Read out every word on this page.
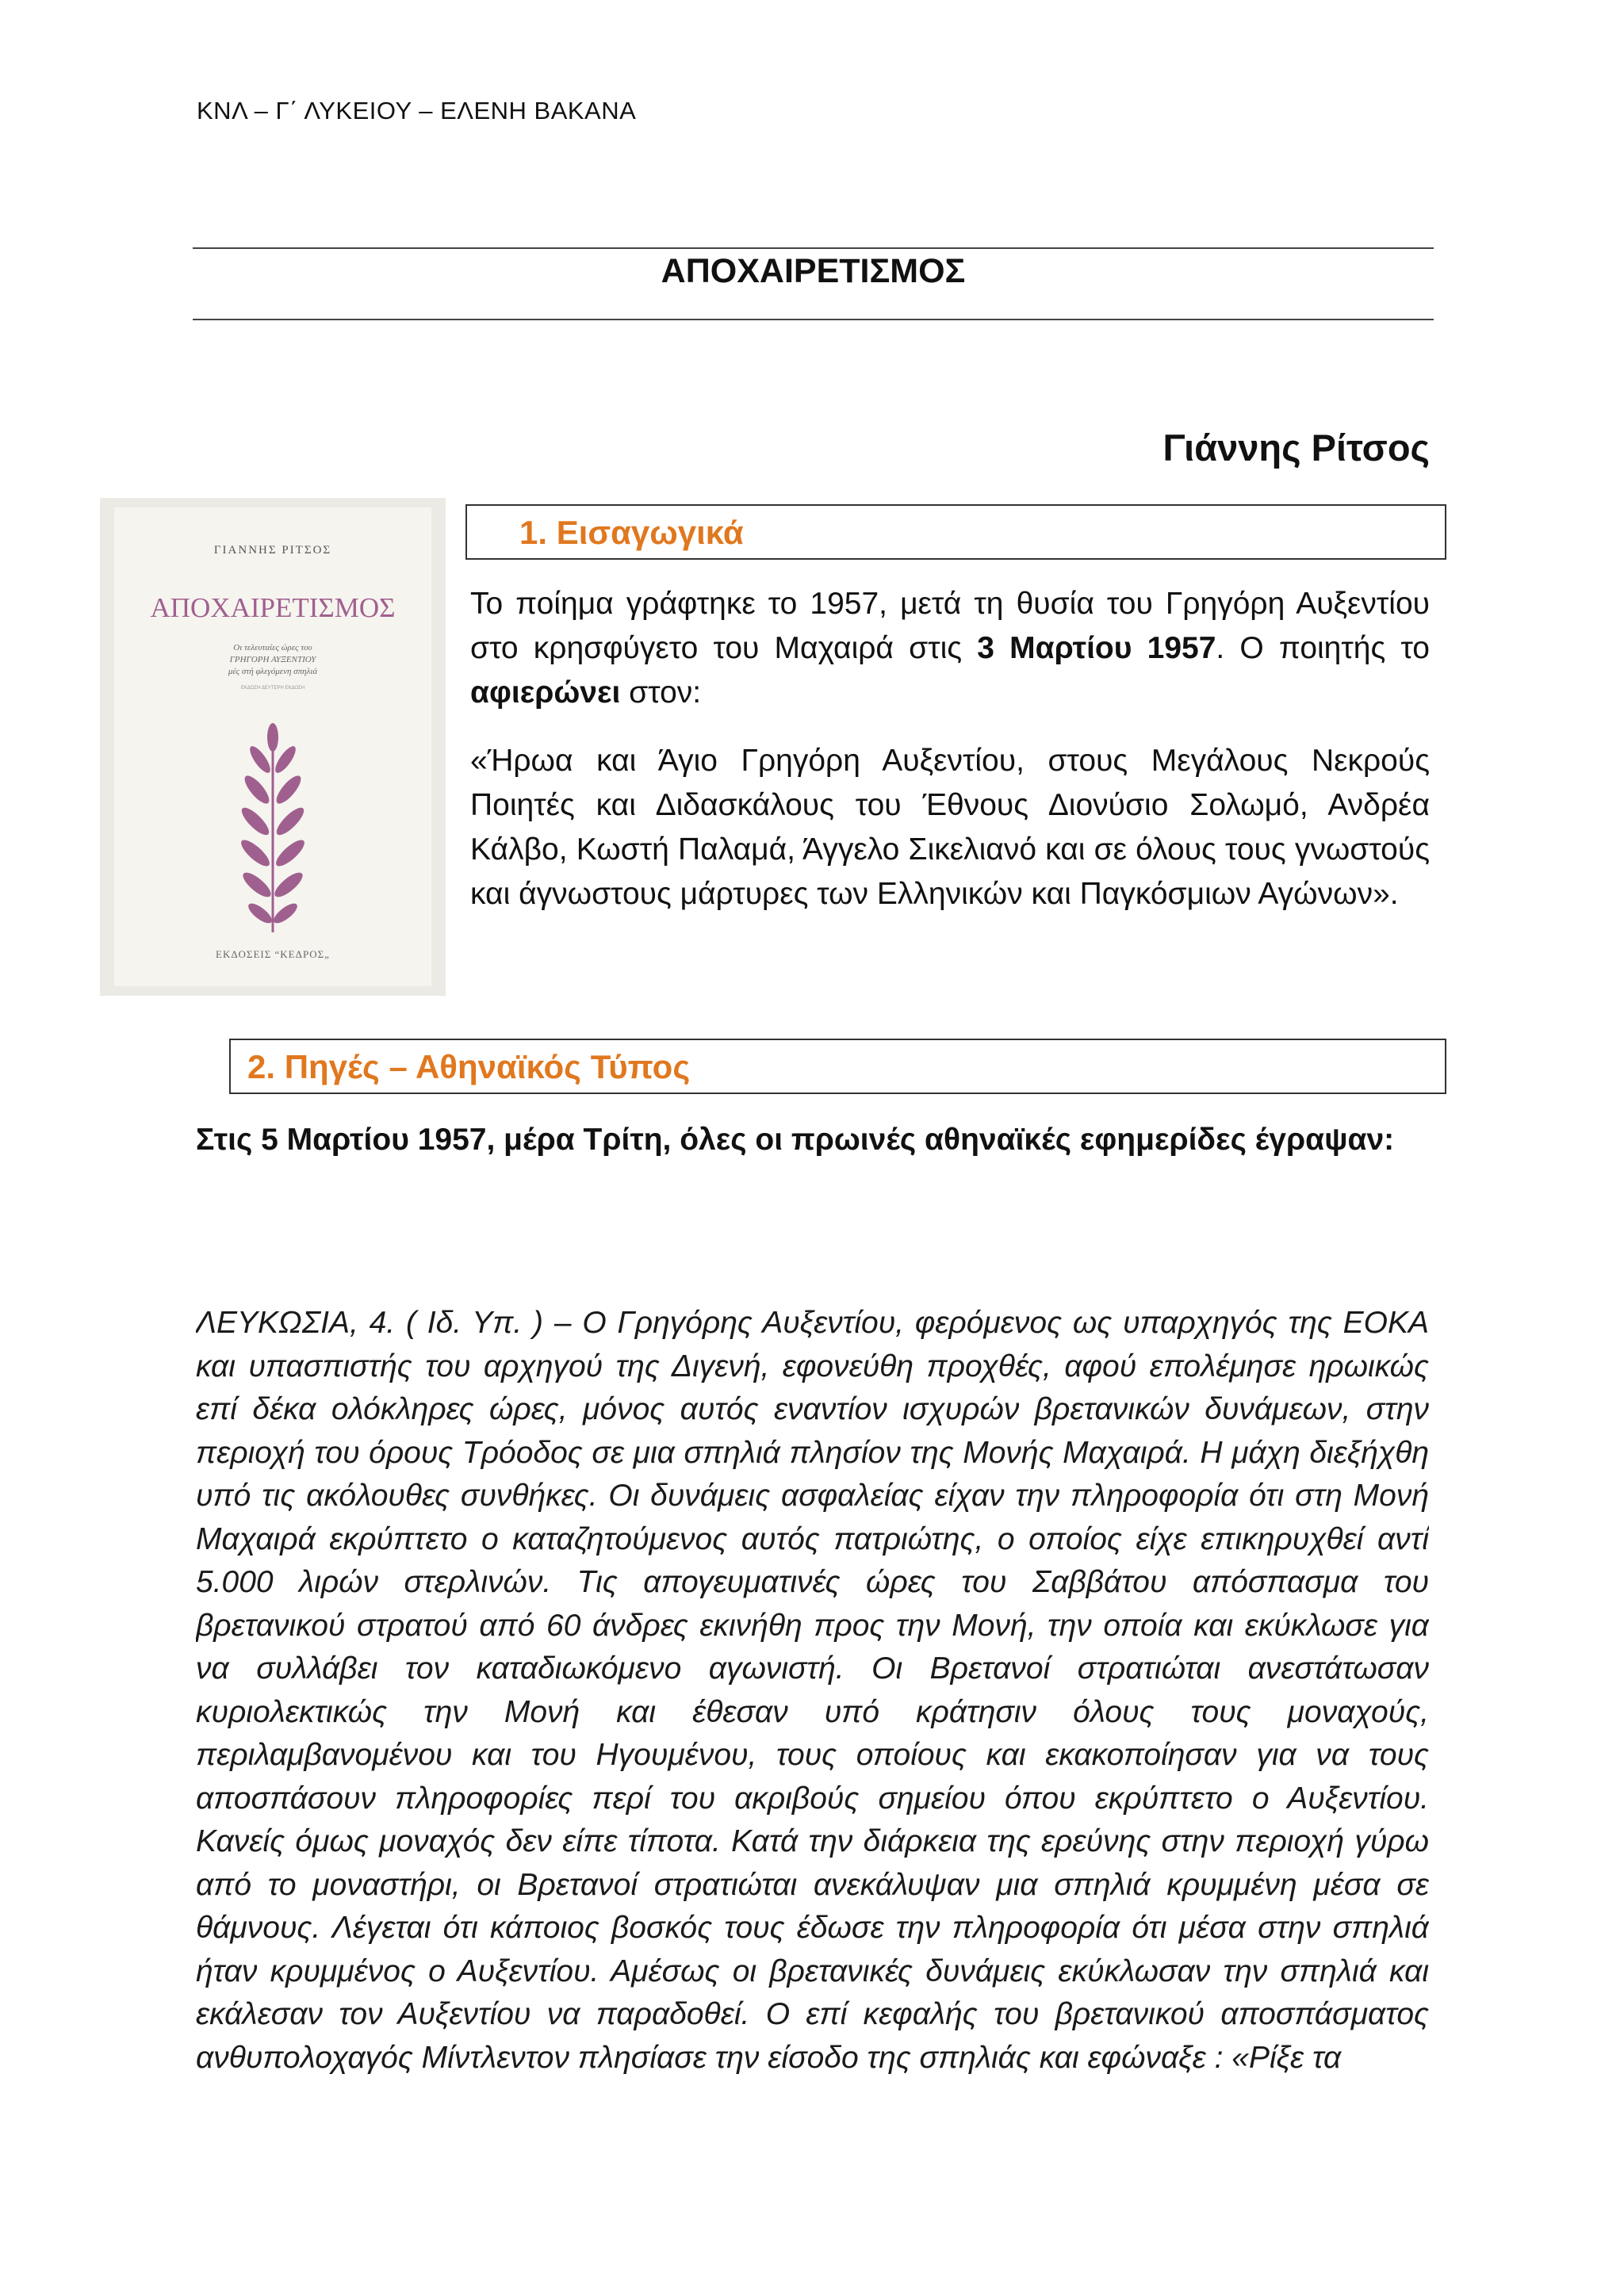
ΚΝΛ – Γ΄ ΛΥΚΕΙΟΥ – ΕΛΕΝΗ ΒΑΚΑΝΑ
ΑΠΟΧΑΙΡΕΤΙΣΜΟΣ
Γιάννης Ρίτσος
ΓΙΑΝΝΗΣ ΡΙΤΣΟΣ
ΑΠΟΧΑΙΡΕΤΙΣΜΟΣ
Οι τελευταίες ώρες του
ΓΡΗΓΟΡΗ ΑΥΞΕΝΤΙΟΥ
μές στή φλεγόμενη σπηλιά
ΕΚΔΟΣΗ ΔΕΥΤΕΡΗ ΕΚΔΟΣΗ
ΕΚΔΟΣΕΙΣ “ΚΕΔΡΟΣ„
1. Εισαγωγικά
Το ποίημα γράφτηκε το 1957, μετά τη θυσία του Γρηγόρη Αυξεντίου στο κρησφύγετο του Μαχαιρά στις 3 Μαρτίου 1957. Ο ποιητής το αφιερώνει στον:
«Ήρωα και Άγιο Γρηγόρη Αυξεντίου, στους Μεγάλους Νεκρούς Ποιητές και Διδασκάλους του Έθνους Διονύσιο Σολωμό, Ανδρέα Κάλβο, Κωστή Παλαμά, Άγγελο Σικελιανό και σε όλους τους γνωστούς και άγνωστους μάρτυρες των Ελληνικών και Παγκόσμιων Αγώνων».
2. Πηγές – Αθηναϊκός Τύπος
Στις 5 Μαρτίου 1957, μέρα Τρίτη, όλες οι πρωινές αθηναϊκές εφημερίδες έγραψαν:
ΛΕΥΚΩΣΙΑ, 4. ( Ιδ. Υπ. ) – Ο Γρηγόρης Αυξεντίου, φερόμενος ως υπαρχηγός της ΕΟΚΑ και υπασπιστής του αρχηγού της Διγενή, εφονεύθη προχθές, αφού επολέμησε ηρωικώς επί δέκα ολόκληρες ώρες, μόνος αυτός εναντίον ισχυρών βρετανικών δυνάμεων, στην περιοχή του όρους Τρόοδος σε μια σπηλιά πλησίον της Μονής Μαχαιρά. Η μάχη διεξήχθη υπό τις ακόλουθες συνθήκες. Οι δυνάμεις ασφαλείας είχαν την πληροφορία ότι στη Μονή Μαχαιρά εκρύπτετο ο καταζητούμενος αυτός πατριώτης, ο οποίος είχε επικηρυχθεί αντί 5.000 λιρών στερλινών. Τις απογευματινές ώρες του Σαββάτου απόσπασμα του βρετανικού στρατού από 60 άνδρες εκινήθη προς την Μονή, την οποία και εκύκλωσε για να συλλάβει τον καταδιωκόμενο αγωνιστή. Οι Βρετανοί στρατιώται ανεστάτωσαν κυριολεκτικώς την Μονή και έθεσαν υπό κράτησιν όλους τους μοναχούς, περιλαμβανομένου και του Ηγουμένου, τους οποίους και εκακοποίησαν για να τους αποσπάσουν πληροφορίες περί του ακριβούς σημείου όπου εκρύπτετο ο Αυξεντίου. Κανείς όμως μοναχός δεν είπε τίποτα. Κατά την διάρκεια της ερεύνης στην περιοχή γύρω από το μοναστήρι, οι Βρετανοί στρατιώται ανεκάλυψαν μια σπηλιά κρυμμένη μέσα σε θάμνους. Λέγεται ότι κάποιος βοσκός τους έδωσε την πληροφορία ότι μέσα στην σπηλιά ήταν κρυμμένος ο Αυξεντίου. Αμέσως οι βρετανικές δυνάμεις εκύκλωσαν την σπηλιά και εκάλεσαν τον Αυξεντίου να παραδοθεί. Ο επί κεφαλής του βρετανικού αποσπάσματος ανθυπολοχαγός Μίντλεντον πλησίασε την είσοδο της σπηλιάς και εφώναξε : «Ρίξε τα
